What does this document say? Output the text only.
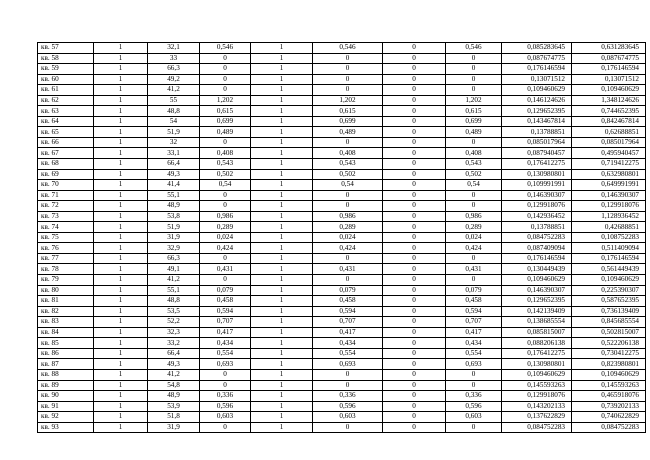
кв. 57	1	32,1	0,546	1	0,546	0	0,546	0,085283645	0,631283645
кв. 58	1	33	0	1	0	0	0	0,087674775	0,087674775
кв. 59	1	66,3	0	1	0	0	0	0,176146594	0,176146594
кв. 60	1	49,2	0	1	0	0	0	0,13071512	0,13071512
кв. 61	1	41,2	0	1	0	0	0	0,109460629	0,109460629
кв. 62	1	55	1,202	1	1,202	0	1,202	0,146124626	1,348124626
кв. 63	1	48,8	0,615	1	0,615	0	0,615	0,129652395	0,744652395
кв. 64	1	54	0,699	1	0,699	0	0,699	0,143467814	0,842467814
кв. 65	1	51,9	0,489	1	0,489	0	0,489	0,13788851	0,62688851
кв. 66	1	32	0	1	0	0	0	0,085017964	0,085017964
кв. 67	1	33,1	0,408	1	0,408	0	0,408	0,087940457	0,495940457
кв. 68	1	66,4	0,543	1	0,543	0	0,543	0,176412275	0,719412275
кв. 69	1	49,3	0,502	1	0,502	0	0,502	0,130980801	0,632980801
кв. 70	1	41,4	0,54	1	0,54	0	0,54	0,109991991	0,649991991
кв. 71	1	55,1	0	1	0	0	0	0,146390307	0,146390307
кв. 72	1	48,9	0	1	0	0	0	0,129918076	0,129918076
кв. 73	1	53,8	0,986	1	0,986	0	0,986	0,142936452	1,128936452
кв. 74	1	51,9	0,289	1	0,289	0	0,289	0,13788851	0,42688851
кв. 75	1	31,9	0,024	1	0,024	0	0,024	0,084752283	0,108752283
кв. 76	1	32,9	0,424	1	0,424	0	0,424	0,087409094	0,511409094
кв. 77	1	66,3	0	1	0	0	0	0,176146594	0,176146594
кв. 78	1	49,1	0,431	1	0,431	0	0,431	0,130449439	0,561449439
кв. 79	1	41,2	0	1	0	0	0	0,109460629	0,109460629
кв. 80	1	55,1	0,079	1	0,079	0	0,079	0,146390307	0,225390307
кв. 81	1	48,8	0,458	1	0,458	0	0,458	0,129652395	0,587652395
кв. 82	1	53,5	0,594	1	0,594	0	0,594	0,142139409	0,736139409
кв. 83	1	52,2	0,707	1	0,707	0	0,707	0,138685554	0,845685554
кв. 84	1	32,3	0,417	1	0,417	0	0,417	0,085815007	0,502815007
кв. 85	1	33,2	0,434	1	0,434	0	0,434	0,088206138	0,522206138
кв. 86	1	66,4	0,554	1	0,554	0	0,554	0,176412275	0,730412275
кв. 87	1	49,3	0,693	1	0,693	0	0,693	0,130980801	0,823980801
кв. 88	1	41,2	0	1	0	0	0	0,109460629	0,109460629
кв. 89	1	54,8	0	1	0	0	0	0,145593263	0,145593263
кв. 90	1	48,9	0,336	1	0,336	0	0,336	0,129918076	0,465918076
кв. 91	1	53,9	0,596	1	0,596	0	0,596	0,143202133	0,739202133
кв. 92	1	51,8	0,603	1	0,603	0	0,603	0,137622829	0,740622829
кв. 93	1	31,9	0	1	0	0	0	0,084752283	0,084752283
